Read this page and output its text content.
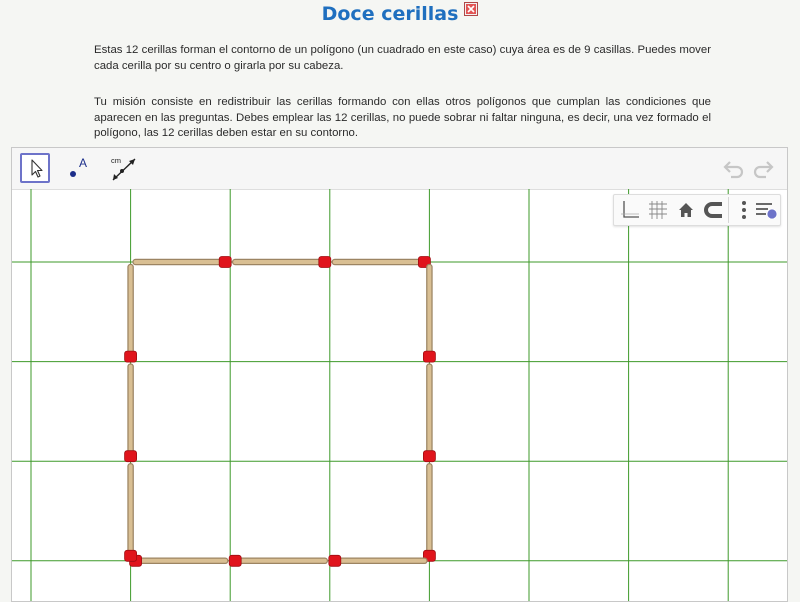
Doce cerillas
Estas 12 cerillas forman el contorno de un polígono (un cuadrado en este caso) cuya área es de 9 casillas. Puedes mover cada cerilla por su centro o girarla por su cabeza.
Tu misión consiste en redistribuir las cerillas formando con ellas otros polígonos que cumplan las condiciones que aparecen en las preguntas. Debes emplear las 12 cerillas, no puede sobrar ni faltar ninguna, es decir, una vez formado el polígono, las 12 cerillas deben estar en su contorno.
A	cm
